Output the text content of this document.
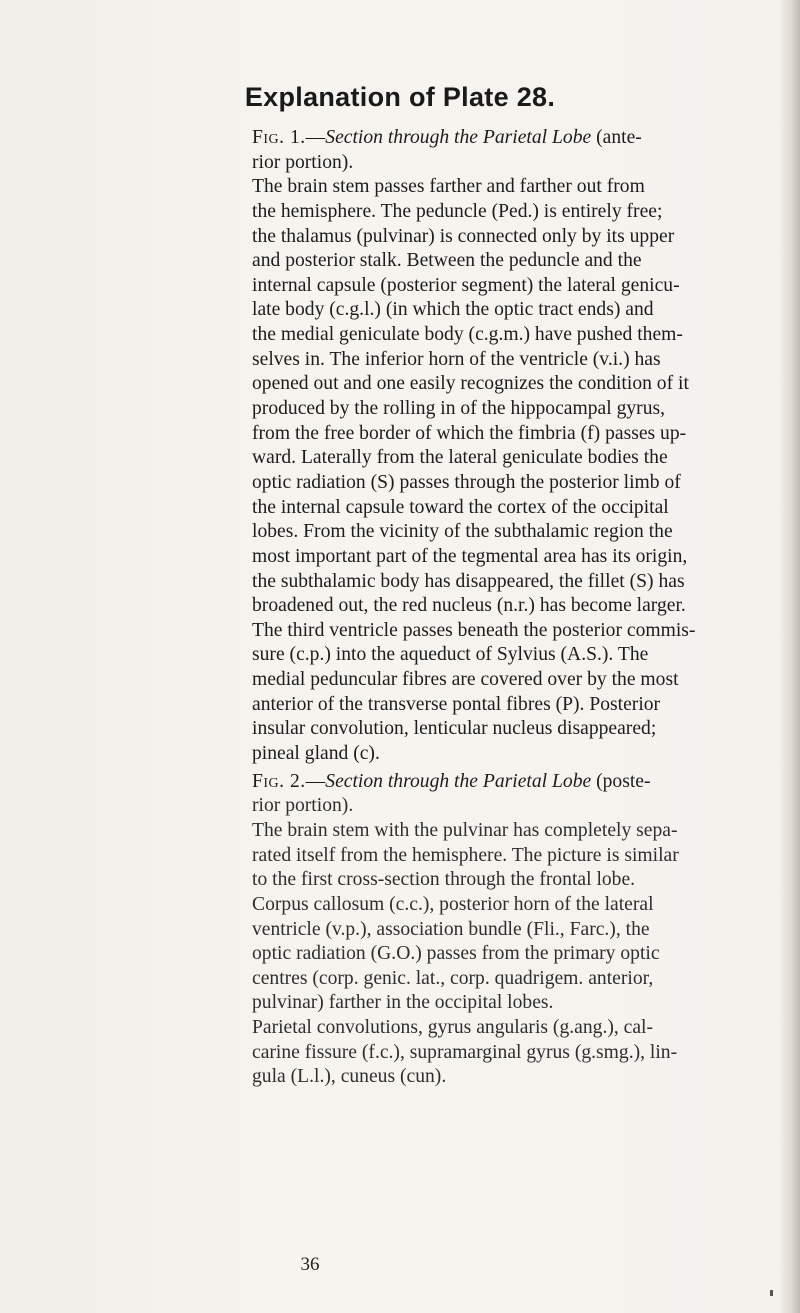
Explanation of Plate 28.
Fig. 1.—Section through the Parietal Lobe (ante-
rior portion).
The brain stem passes farther and farther out from
the hemisphere. The peduncle (Ped.) is entirely free;
the thalamus (pulvinar) is connected only by its upper
and posterior stalk. Between the peduncle and the
internal capsule (posterior segment) the lateral genicu-
late body (c.g.l.) (in which the optic tract ends) and
the medial geniculate body (c.g.m.) have pushed them-
selves in. The inferior horn of the ventricle (v.i.) has
opened out and one easily recognizes the condition of it
produced by the rolling in of the hippocampal gyrus,
from the free border of which the fimbria (f) passes up-
ward. Laterally from the lateral geniculate bodies the
optic radiation (S) passes through the posterior limb of
the internal capsule toward the cortex of the occipital
lobes. From the vicinity of the subthalamic region the
most important part of the tegmental area has its origin,
the subthalamic body has disappeared, the fillet (S) has
broadened out, the red nucleus (n.r.) has become larger.
The third ventricle passes beneath the posterior commis-
sure (c.p.) into the aqueduct of Sylvius (A.S.). The
medial peduncular fibres are covered over by the most
anterior of the transverse pontal fibres (P). Posterior
insular convolution, lenticular nucleus disappeared;
pineal gland (c).
Fig. 2.—Section through the Parietal Lobe (poste-
rior portion).
The brain stem with the pulvinar has completely sepa-
rated itself from the hemisphere. The picture is similar
to the first cross-section through the frontal lobe.
Corpus callosum (c.c.), posterior horn of the lateral
ventricle (v.p.), association bundle (Fli., Farc.), the
optic radiation (G.O.) passes from the primary optic
centres (corp. genic. lat., corp. quadrigem. anterior,
pulvinar) farther in the occipital lobes.
Parietal convolutions, gyrus angularis (g.ang.), cal-
carine fissure (f.c.), supramarginal gyrus (g.smg.), lin-
gula (L.l.), cuneus (cun).
36
